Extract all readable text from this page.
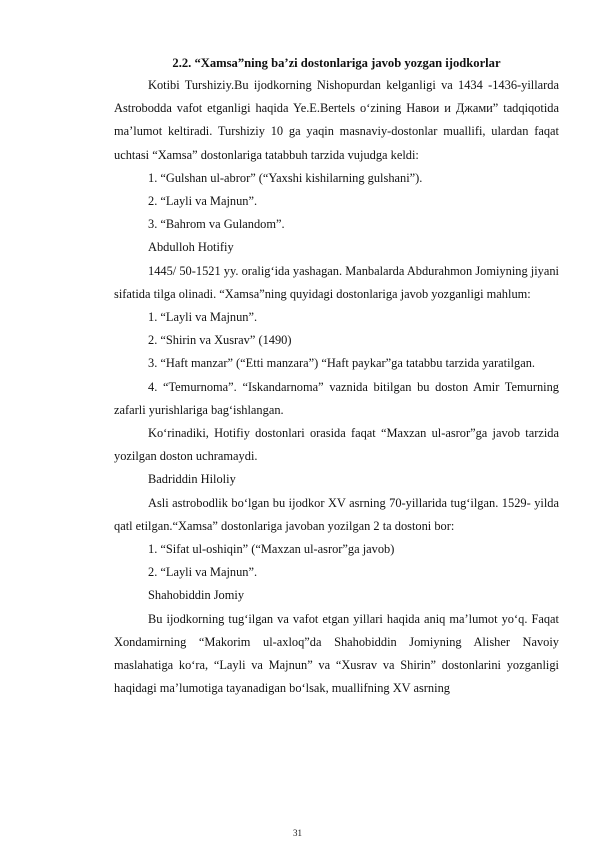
2.2. “Xamsa”ning ba’zi dostonlariga javob yozgan ijodkorlar

Kotibi Turshiziy.Bu ijodkorning Nishopurdan kelganligi va 1434 -1436-yillarda Astrobodda vafot etganligi haqida Ye.E.Bertels o‘zining Навои и Джами” tadqiqotida ma’lumot keltiradi. Turshiziy 10 ga yaqin masnaviy-dostonlar muallifi, ulardan faqat uchtasi “Xamsa” dostonlariga tatabbuh tarzida vujudga keldi:

1. “Gulshan ul-abror” (“Yaxshi kishilarning gulshani”).

2. “Layli va Majnun”.

3. “Bahrom va Gulandom”.

Abdulloh Hotifiy

1445/ 50-1521 yy. oralig‘ida yashagan. Manbalarda Abdurahmon Jomiyning jiyani sifatida tilga olinadi. “Xamsa”ning quyidagi dostonlariga javob yozganligi mahlum:

1. “Layli va Majnun”.

2. “Shirin va Xusrav” (1490)

3. “Haft manzar” (“Etti manzara”) “Haft paykar”ga tatabbu tarzida yaratilgan.

4. “Temurnoma”. “Iskandarnoma” vaznida bitilgan bu doston Amir Temurning zafarli yurishlariga bag‘ishlangan.

Ko‘rinadiki, Hotifiy dostonlari orasida faqat “Maxzan ul-asror”ga javob tarzida yozilgan doston uchramaydi.

Badriddin Hiloliy

Asli astrobodlik bo‘lgan bu ijodkor XV asrning 70-yillarida tug‘ilgan. 1529- yilda qatl etilgan.“Xamsa” dostonlariga javoban yozilgan 2 ta dostoni bor:

1. “Sifat ul-oshiqin” (“Maxzan ul-asror”ga javob)

2. “Layli va Majnun”.

Shahobiddin Jomiy

Bu ijodkorning tug‘ilgan va vafot etgan yillari haqida aniq ma’lumot yo‘q. Faqat Xondamirning “Makorim ul-axloq”da Shahobiddin Jomiyning Alisher Navoiy maslahatiga ko‘ra, “Layli va Majnun” va “Xusrav va Shirin” dostonlarini yozganligi haqidagi ma’lumotiga tayanadigan bo‘lsak, muallifning XV asrning

31
